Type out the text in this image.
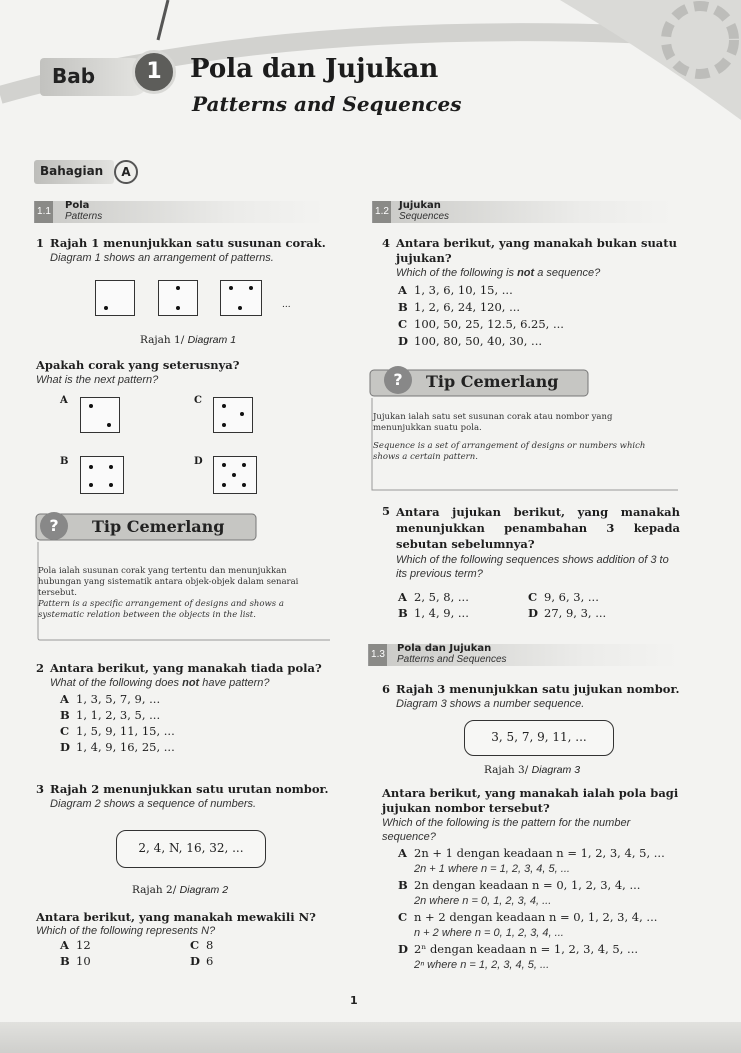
Bab	1	Pola dan Jujukan
Patterns and Sequences
Bahagian	A
1.1
Pola
Patterns	1.2
Jujukan
Sequences
1 Rajah 1 menunjukkan satu susunan corak.
Diagram 1 shows an arrangement of patterns.
...
Rajah 1/ Diagram 1
Apakah corak yang seterusnya?
What is the next pattern?
A	C
B	D
?	Tip Cemerlang
Pola ialah susunan corak yang tertentu dan menunjukkan hubungan yang sistematik antara objek-objek dalam senarai tersebut.
Pattern is a specific arrangement of designs and shows a systematic relation between the objects in the list.
2 Antara berikut, yang manakah tiada pola?
What of the following does not have pattern?
A 1, 3, 5, 7, 9, ...
B 1, 1, 2, 3, 5, ...
C 1, 5, 9, 11, 15, ...
D 1, 4, 9, 16, 25, ...
3 Rajah 2 menunjukkan satu urutan nombor.
Diagram 2 shows a sequence of numbers.
2, 4, N, 16, 32, ...
Rajah 2/ Diagram 2
Antara berikut, yang manakah mewakili N?
Which of the following represents N?
A 12	C 8
B 10	D 6
4 Antara berikut, yang manakah bukan suatu
jujukan?
Which of the following is not a sequence?
A 1, 3, 6, 10, 15, ...
B 1, 2, 6, 24, 120, ...
C 100, 50, 25, 12.5, 6.25, ...
D 100, 80, 50, 40, 30, ...
?	Tip Cemerlang
Jujukan ialah satu set susunan corak atau nombor yang menunjukkan suatu pola.
Sequence is a set of arrangement of designs or numbers which shows a certain pattern.
5 Antara jujukan berikut, yang manakah menunjukkan penambahan 3 kepada sebutan sebelumnya?
Which of the following sequences shows addition of 3 to its previous term?
A 2, 5, 8, ...	C 9, 6, 3, ...
B 1, 4, 9, ...	D 27, 9, 3, ...
1.3
Pola dan Jujukan
Patterns and Sequences
6 Rajah 3 menunjukkan satu jujukan nombor.
Diagram 3 shows a number sequence.
3, 5, 7, 9, 11, ...
Rajah 3/ Diagram 3
Antara berikut, yang manakah ialah pola bagi
jujukan nombor tersebut?
Which of the following is the pattern for the number
sequence?
A 2n + 1 dengan keadaan n = 1, 2, 3, 4, 5, ...
2n + 1 where n = 1, 2, 3, 4, 5, ...
B 2n dengan keadaan n = 0, 1, 2, 3, 4, ...
2n where n = 0, 1, 2, 3, 4, ...
C n + 2 dengan keadaan n = 0, 1, 2, 3, 4, ...
n + 2 where n = 0, 1, 2, 3, 4, ...
D 2ⁿ dengan keadaan n = 1, 2, 3, 4, 5, ...
2ⁿ where n = 1, 2, 3, 4, 5, ...
1
